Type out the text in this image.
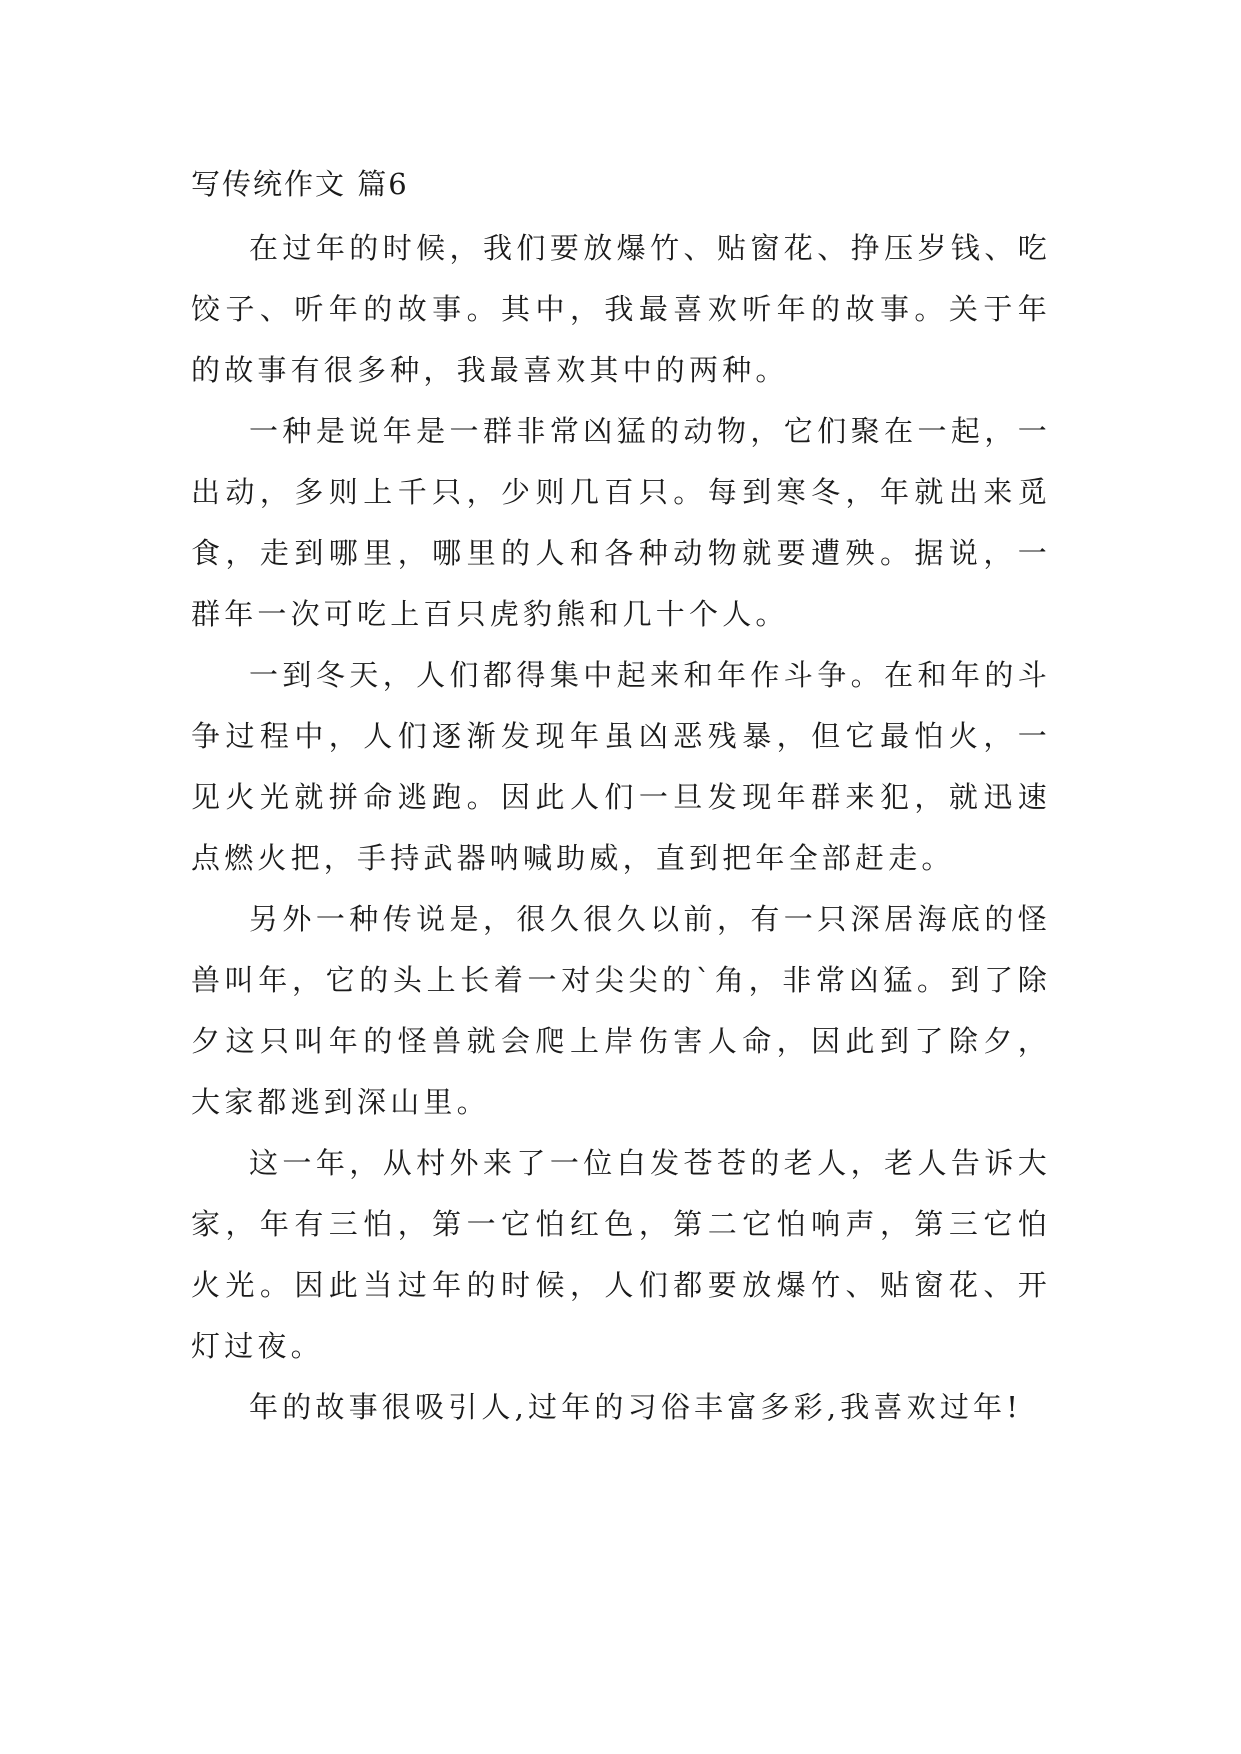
写传统作文 篇6

在过年的时候，我们要放爆竹、贴窗花、挣压岁钱、吃饺子、听年的故事。其中，我最喜欢听年的故事。关于年的故事有很多种，我最喜欢其中的两种。

一种是说年是一群非常凶猛的动物，它们聚在一起，一出动，多则上千只，少则几百只。每到寒冬，年就出来觅食，走到哪里，哪里的人和各种动物就要遭殃。据说，一群年一次可吃上百只虎豹熊和几十个人。

一到冬天，人们都得集中起来和年作斗争。在和年的斗争过程中，人们逐渐发现年虽凶恶残暴，但它最怕火，一见火光就拼命逃跑。因此人们一旦发现年群来犯，就迅速点燃火把，手持武器呐喊助威，直到把年全部赶走。

另外一种传说是，很久很久以前，有一只深居海底的怪兽叫年，它的头上长着一对尖尖的`角，非常凶猛。到了除夕这只叫年的怪兽就会爬上岸伤害人命，因此到了除夕，大家都逃到深山里。

这一年，从村外来了一位白发苍苍的老人，老人告诉大家，年有三怕，第一它怕红色，第二它怕响声，第三它怕火光。因此当过年的时候，人们都要放爆竹、贴窗花、开灯过夜。

年的故事很吸引人,过年的习俗丰富多彩,我喜欢过年!
